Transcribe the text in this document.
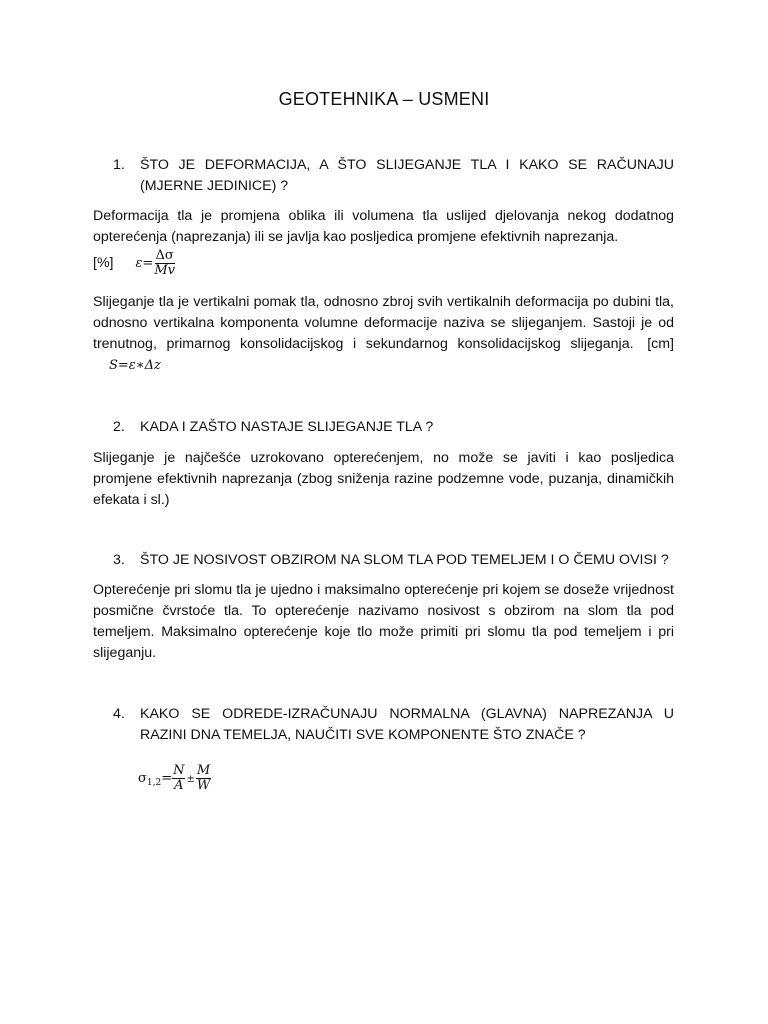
GEOTEHNIKA – USMENI
1. ŠTO JE DEFORMACIJA, A ŠTO SLIJEGANJE TLA I KAKO SE RAČUNAJU (MJERNE JEDINICE) ?
Deformacija tla je promjena oblika ili volumena tla uslijed djelovanja nekog dodatnog opterećenja (naprezanja) ili se javlja kao posljedica promjene efektivnih naprezanja.
[%] $\varepsilon= \frac{\Delta\sigma}{Mv}$
Slijeganje tla je vertikalni pomak tla, odnosno zbroj svih vertikalnih deformacija po dubini tla, odnosno vertikalna komponenta volumne deformacije naziva se slijeganjem. Sastoji je od trenutnog, primarnog konsolidacijskog i sekundarnog konsolidacijskog slijeganja. [cm] S=ε∗Δz
2. KADA I ZAŠTO NASTAJE SLIJEGANJE TLA ?
Slijeganje je najčešće uzrokovano opterećenjem, no može se javiti i kao posljedica promjene efektivnih naprezanja (zbog sniženja razine podzemne vode, puzanja, dinamičkih efekata i sl.)
3. ŠTO JE NOSIVOST OBZIROM NA SLOM TLA POD TEMELJEM I O ČEMU OVISI ?
Opterećenje pri slomu tla je ujedno i maksimalno opterećenje pri kojem se doseže vrijednost posmične čvrstoće tla. To opterećenje nazivamo nosivost s obzirom na slom tla pod temeljem. Maksimalno opterećenje koje tlo može primiti pri slomu tla pod temeljem i pri slijeganju.
4. KAKO SE ODREDE-IZRAČUNAJU NORMALNA (GLAVNA) NAPREZANJA U RAZINI DNA TEMELJA, NAUČITI SVE KOMPONENTE ŠTO ZNAČE ?
$\sigma_{1,2}= \frac{N}{A} \pm \frac{M}{W}$
